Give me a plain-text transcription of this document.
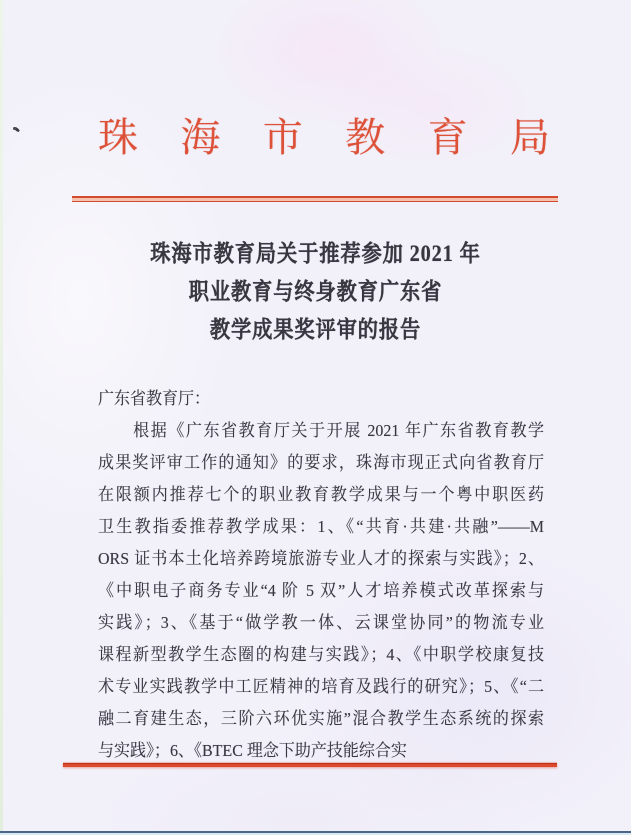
珠海市教育局
珠海市教育局关于推荐参加 2021 年
职业教育与终身教育广东省
教学成果奖评审的报告
广东省教育厅：
　　根据《广东省教育厅关于开展 2021 年广东省教育教学
成果奖评审工作的通知》的要求，珠海市现正式向省教育厅
在限额内推荐七个的职业教育教学成果与一个粤中职医药
卫生教指委推荐教学成果：1、《“共育·共建·共融”——M
ORS 证书本土化培养跨境旅游专业人才的探索与实践》；2、
《中职电子商务专业“4 阶 5 双”人才培养模式改革探索与
实践》；3、《基于“做学教一体、云课堂协同”的物流专业
课程新型教学生态圈的构建与实践》；4、《中职学校康复技
术专业实践教学中工匠精神的培育及践行的研究》；5、《“二
融二育建生态，三阶六环优实施”混合教学生态系统的探索
与实践》；6、《BTEC 理念下助产技能综合实
